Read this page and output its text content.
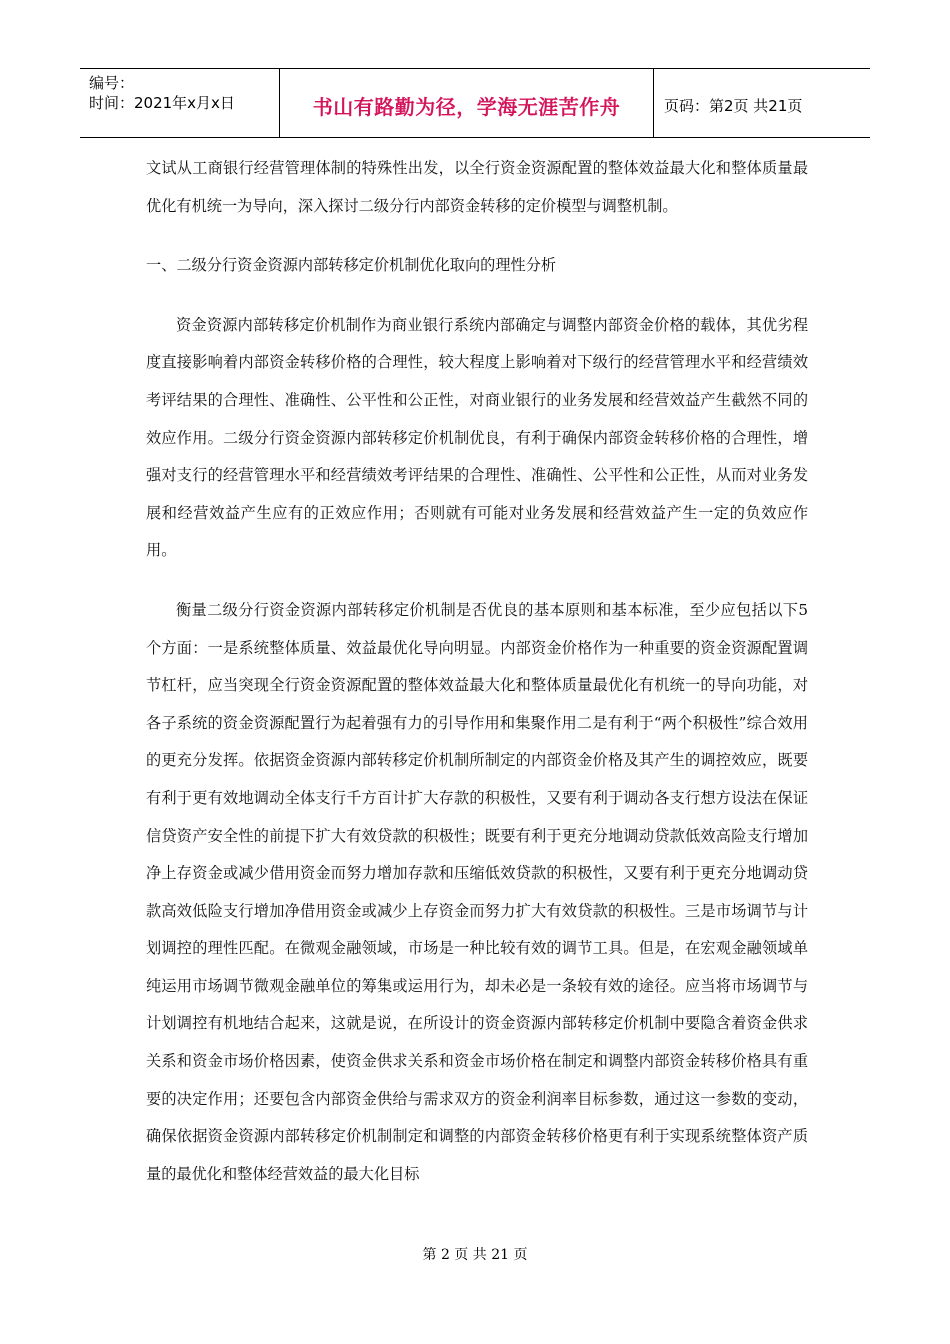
编号：
时间：2021年x月x日	书山有路勤为径，学海无涯苦作舟	页码：第2页 共21页

文试从工商银行经营管理体制的特殊性出发，以全行资金资源配置的整体效益最大化和整体质量最优化有机统一为导向，深入探讨二级分行内部资金转移的定价模型与调整机制。

一、二级分行资金资源内部转移定价机制优化取向的理性分析

资金资源内部转移定价机制作为商业银行系统内部确定与调整内部资金价格的载体，其优劣程度直接影响着内部资金转移价格的合理性，较大程度上影响着对下级行的经营管理水平和经营绩效考评结果的合理性、准确性、公平性和公正性，对商业银行的业务发展和经营效益产生截然不同的效应作用。二级分行资金资源内部转移定价机制优良，有利于确保内部资金转移价格的合理性，增强对支行的经营管理水平和经营绩效考评结果的合理性、准确性、公平性和公正性，从而对业务发展和经营效益产生应有的正效应作用；否则就有可能对业务发展和经营效益产生一定的负效应作用。

衡量二级分行资金资源内部转移定价机制是否优良的基本原则和基本标准，至少应包括以下5个方面：一是系统整体质量、效益最优化导向明显。内部资金价格作为一种重要的资金资源配置调节杠杆，应当突现全行资金资源配置的整体效益最大化和整体质量最优化有机统一的导向功能，对各子系统的资金资源配置行为起着强有力的引导作用和集聚作用二是有利于“两个积极性”综合效用的更充分发挥。依据资金资源内部转移定价机制所制定的内部资金价格及其产生的调控效应，既要有利于更有效地调动全体支行千方百计扩大存款的积极性，又要有利于调动各支行想方设法在保证信贷资产安全性的前提下扩大有效贷款的积极性；既要有利于更充分地调动贷款低效高险支行增加净上存资金或减少借用资金而努力增加存款和压缩低效贷款的积极性，又要有利于更充分地调动贷款高效低险支行增加净借用资金或减少上存资金而努力扩大有效贷款的积极性。三是市场调节与计划调控的理性匹配。在微观金融领域，市场是一种比较有效的调节工具。但是，在宏观金融领域单纯运用市场调节微观金融单位的筹集或运用行为，却未必是一条较有效的途径。应当将市场调节与计划调控有机地结合起来，这就是说，在所设计的资金资源内部转移定价机制中要隐含着资金供求关系和资金市场价格因素，使资金供求关系和资金市场价格在制定和调整内部资金转移价格具有重要的决定作用；还要包含内部资金供给与需求双方的资金利润率目标参数，通过这一参数的变动，确保依据资金资源内部转移定价机制制定和调整的内部资金转移价格更有利于实现系统整体资产质量的最优化和整体经营效益的最大化目标

第 2 页 共 21 页
